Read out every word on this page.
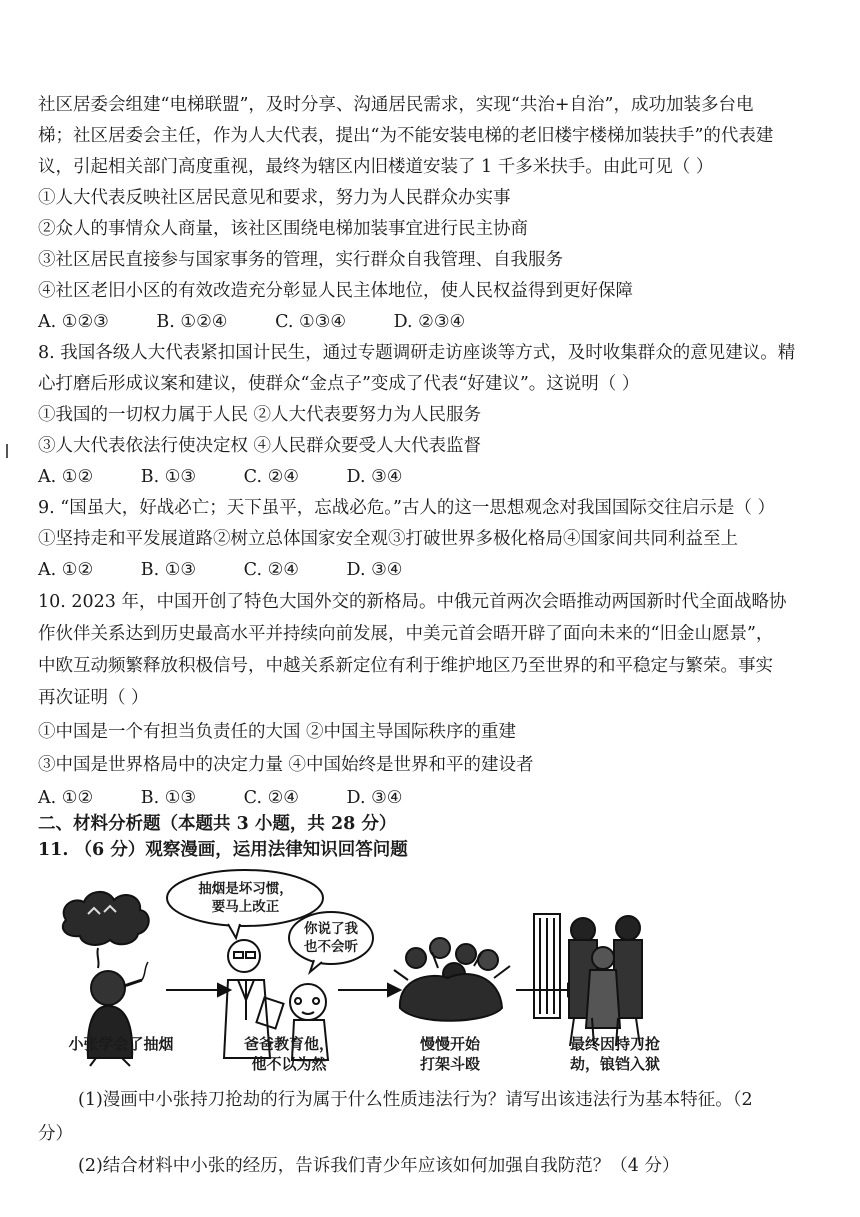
社区居委会组建“电梯联盟”，及时分享、沟通居民需求，实现“共治+自治”，成功加装多台电
梯；社区居委会主任，作为人大代表，提出“为不能安装电梯的老旧楼宇楼梯加装扶手”的代表建
议，引起相关部门高度重视，最终为辖区内旧楼道安装了 1 千多米扶手。由此可见（ ）
①人大代表反映社区居民意见和要求，努力为人民群众办实事
②众人的事情众人商量，该社区围绕电梯加装事宜进行民主协商
③社区居民直接参与国家事务的管理，实行群众自我管理、自我服务
④社区老旧小区的有效改造充分彰显人民主体地位，使人民权益得到更好保障
A. ①②③	B. ①②④	C. ①③④	D. ②③④
8. 我国各级人大代表紧扣国计民生，通过专题调研走访座谈等方式，及时收集群众的意见建议。精
心打磨后形成议案和建议，使群众“金点子”变成了代表“好建议”。这说明（ ）
①我国的一切权力属于人民 ②人大代表要努力为人民服务
③人大代表依法行使决定权 ④人民群众要受人大代表监督
A. ①②	B. ①③	C. ②④	D. ③④
9. “国虽大，好战必亡；天下虽平，忘战必危。”古人的这一思想观念对我国国际交往启示是（ ）
①坚持走和平发展道路②树立总体国家安全观③打破世界多极化格局④国家间共同利益至上
A. ①②	B. ①③	C. ②④	D. ③④
10. 2023 年，中国开创了特色大国外交的新格局。中俄元首两次会晤推动两国新时代全面战略协
作伙伴关系达到历史最高水平并持续向前发展，中美元首会晤开辟了面向未来的“旧金山愿景”，
中欧互动频繁释放积极信号，中越关系新定位有利于维护地区乃至世界的和平稳定与繁荣。事实
再次证明（ ）
①中国是一个有担当负责任的大国 ②中国主导国际秩序的重建
③中国是世界格局中的决定力量 ④中国始终是世界和平的建设者
A. ①②	B. ①③	C. ②④	D. ③④
二、材料分析题（本题共 3 小题，共 28 分）
11. （6 分）观察漫画，运用法律知识回答问题
抽烟是坏习惯，
要马上改正
你说了我
也不会听
小张学会了抽烟	爸爸教育他，
他不以为然
慢慢开始
打架斗殴
最终因持刀抢
劫，锒铛入狱
(1)漫画中小张持刀抢劫的行为属于什么性质违法行为？请写出该违法行为基本特征。（2
分）
(2)结合材料中小张的经历，告诉我们青少年应该如何加强自我防范？（4 分）
